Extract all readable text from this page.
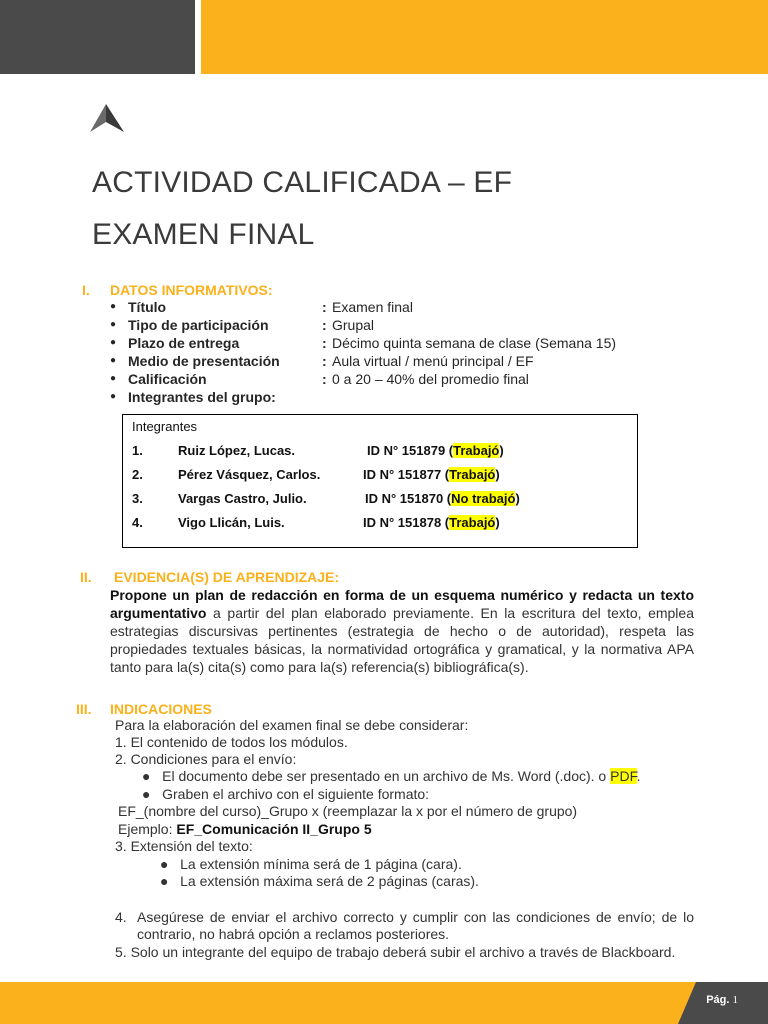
ACTIVIDAD CALIFICADA – EF
EXAMEN FINAL
I. DATOS INFORMATIVOS:
● Título	: Examen final
● Tipo de participación	: Grupal
● Plazo de entrega	: Décimo quinta semana de clase (Semana 15)
● Medio de presentación	: Aula virtual / menú principal / EF
● Calificación	: 0 a 20 – 40% del promedio final
● Integrantes del grupo:
Integrantes
1.	Ruiz López, Lucas.	ID N° 151879 (Trabajó)
2.	Pérez Vásquez, Carlos.	ID N° 151877 (Trabajó)
3.	Vargas Castro, Julio.	ID N° 151870 (No trabajó)
4.	Vigo Llicán, Luis.	ID N° 151878 (Trabajó)
II. EVIDENCIA(S) DE APRENDIZAJE:

Propone un plan de redacción en forma de un esquema numérico y redacta un texto argumentativo a partir del plan elaborado previamente. En la escritura del texto, emplea estrategias discursivas pertinentes (estrategia de hecho o de autoridad), respeta las propiedades textuales básicas, la normatividad ortográfica y gramatical, y la normativa APA tanto para la(s) cita(s) como para la(s) referencia(s) bibliográfica(s).

III. INDICACIONES
Para la elaboración del examen final se debe considerar:
1. El contenido de todos los módulos.
2. Condiciones para el envío:
●   El documento debe ser presentado en un archivo de Ms. Word (.doc). o PDF.
●   Graben el archivo con el siguiente formato:
EF_(nombre del curso)_Grupo x (reemplazar la x por el número de grupo)
Ejemplo: EF_Comunicación II_Grupo 5
3. Extensión del texto:
●   La extensión mínima será de 1 página (cara).
●   La extensión máxima será de 2 páginas (caras).
4. Asegúrese de enviar el archivo correcto y cumplir con las condiciones de envío; de lo contrario, no habrá opción a reclamos posteriores.
5. Solo un integrante del equipo de trabajo deberá subir el archivo a través de Blackboard.
Pág. 1
